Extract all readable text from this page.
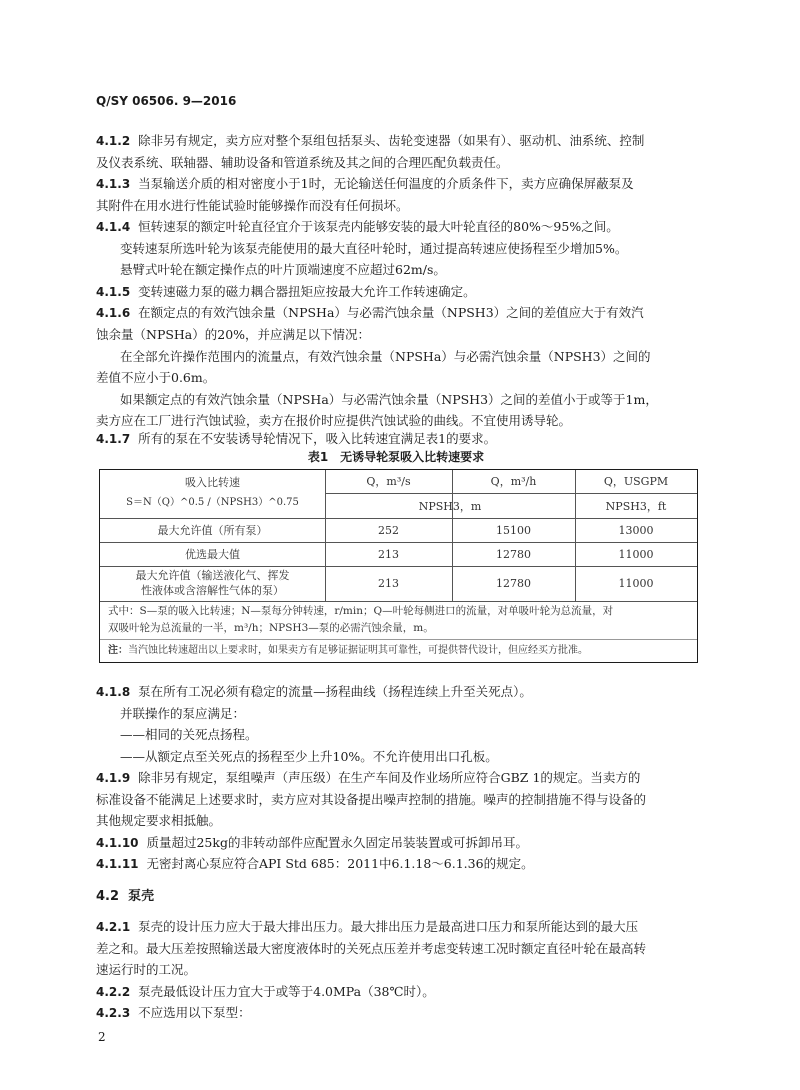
Q/SY 06506. 9—2016
4.1.2 除非另有规定，卖方应对整个泵组包括泵头、齿轮变速器（如果有）、驱动机、油系统、控制
及仪表系统、联轴器、辅助设备和管道系统及其之间的合理匹配负载责任。
4.1.3 当泵输送介质的相对密度小于1时，无论输送任何温度的介质条件下，卖方应确保屏蔽泵及
其附件在用水进行性能试验时能够操作而没有任何损坏。
4.1.4 恒转速泵的额定叶轮直径宜介于该泵壳内能够安装的最大叶轮直径的80%～95%之间。
变转速泵所选叶轮为该泵壳能使用的最大直径叶轮时，通过提高转速应使扬程至少增加5%。
悬臂式叶轮在额定操作点的叶片顶端速度不应超过62m/s。
4.1.5 变转速磁力泵的磁力耦合器扭矩应按最大允许工作转速确定。
4.1.6 在额定点的有效汽蚀余量（NPSHa）与必需汽蚀余量（NPSH3）之间的差值应大于有效汽
蚀余量（NPSHa）的20%，并应满足以下情况：
在全部允许操作范围内的流量点，有效汽蚀余量（NPSHa）与必需汽蚀余量（NPSH3）之间的
差值不应小于0.6m。
如果额定点的有效汽蚀余量（NPSHa）与必需汽蚀余量（NPSH3）之间的差值小于或等于1m，
卖方应在工厂进行汽蚀试验，卖方在报价时应提供汽蚀试验的曲线。不宜使用诱导轮。
4.1.7 所有的泵在不安装诱导轮情况下，吸入比转速宜满足表1的要求。
表1 无诱导轮泵吸入比转速要求
吸入比转速
S＝N（Q）^0.5 /（NPSH3）^0.75
Q，m³/s	Q，m³/h	Q，USGPM
NPSH3，m	NPSH3，ft
最大允许值（所有泵）	252	15100	13000
优选最大值	213	12780	11000
最大允许值（输送液化气、挥发
性液体或含溶解性气体的泵）
213	12780	11000
式中：S—泵的吸入比转速；N—泵每分钟转速，r/min；Q—叶轮每侧进口的流量，对单吸叶轮为总流量，对
双吸叶轮为总流量的一半，m³/h；NPSH3—泵的必需汽蚀余量，m。
注：当汽蚀比转速超出以上要求时，如果卖方有足够证据证明其可靠性，可提供替代设计，但应经买方批准。
4.1.8 泵在所有工况必须有稳定的流量—扬程曲线（扬程连续上升至关死点）。
并联操作的泵应满足：
——相同的关死点扬程。
——从额定点至关死点的扬程至少上升10%。不允许使用出口孔板。
4.1.9 除非另有规定，泵组噪声（声压级）在生产车间及作业场所应符合GBZ 1的规定。当卖方的
标准设备不能满足上述要求时，卖方应对其设备提出噪声控制的措施。噪声的控制措施不得与设备的
其他规定要求相抵触。
4.1.10 质量超过25kg的非转动部件应配置永久固定吊装装置或可拆卸吊耳。
4.1.11 无密封离心泵应符合API Std 685：2011中6.1.18～6.1.36的规定。
4.2 泵壳
4.2.1 泵壳的设计压力应大于最大排出压力。最大排出压力是最高进口压力和泵所能达到的最大压
差之和。最大压差按照输送最大密度液体时的关死点压差并考虑变转速工况时额定直径叶轮在最高转
速运行时的工况。
4.2.2 泵壳最低设计压力宜大于或等于4.0MPa（38℃时）。
4.2.3 不应选用以下泵型：
2
